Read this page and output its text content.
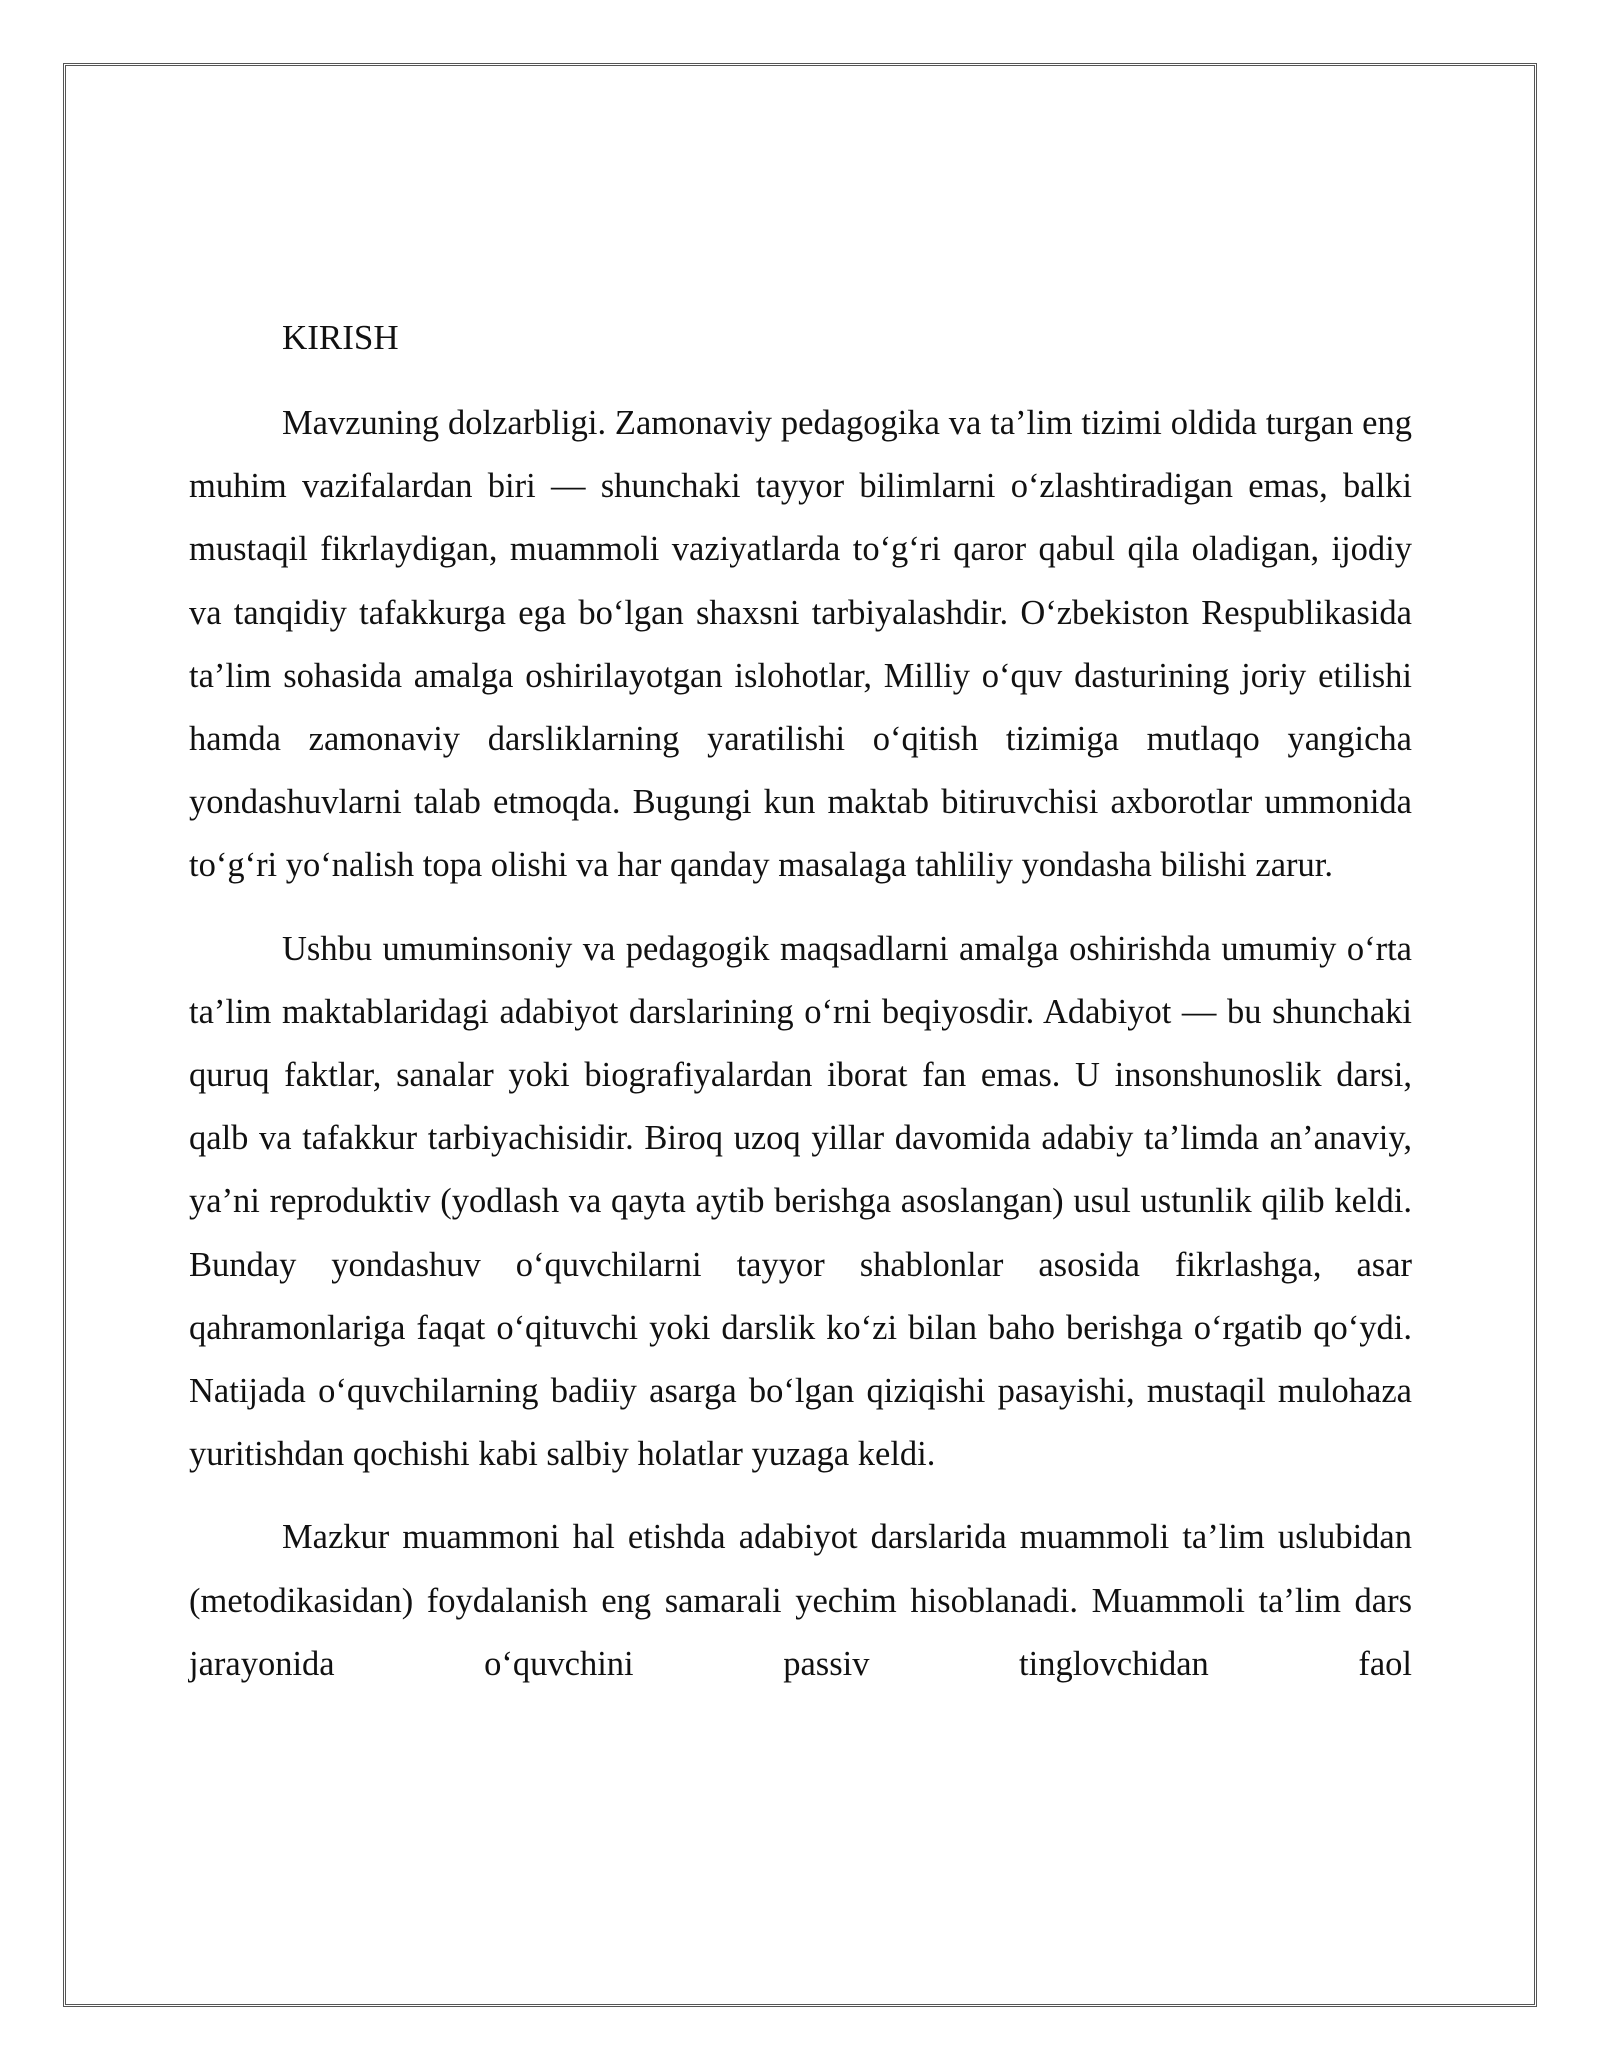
KIRISH

Mavzuning dolzarbligi. Zamonaviy pedagogika va ta’lim tizimi oldida turgan eng muhim vazifalardan biri — shunchaki tayyor bilimlarni o‘zlashtiradigan emas, balki mustaqil fikrlaydigan, muammoli vaziyatlarda to‘g‘ri qaror qabul qila oladigan, ijodiy va tanqidiy tafakkurga ega bo‘lgan shaxsni tarbiyalashdir. O‘zbekiston Respublikasida ta’lim sohasida amalga oshirilayotgan islohotlar, Milliy o‘quv dasturining joriy etilishi hamda zamonaviy darsliklarning yaratilishi o‘qitish tizimiga mutlaqo yangicha yondashuvlarni talab etmoqda. Bugungi kun maktab bitiruvchisi axborotlar ummonida to‘g‘ri yo‘nalish topa olishi va har qanday masalaga tahliliy yondasha bilishi zarur.

Ushbu umuminsoniy va pedagogik maqsadlarni amalga oshirishda umumiy o‘rta ta’lim maktablaridagi adabiyot darslarining o‘rni beqiyosdir. Adabiyot — bu shunchaki quruq faktlar, sanalar yoki biografiyalardan iborat fan emas. U insonshunoslik darsi, qalb va tafakkur tarbiyachisidir. Biroq uzoq yillar davomida adabiy ta’limda an’anaviy, ya’ni reproduktiv (yodlash va qayta aytib berishga asoslangan) usul ustunlik qilib keldi. Bunday yondashuv o‘quvchilarni tayyor shablonlar asosida fikrlashga, asar qahramonlariga faqat o‘qituvchi yoki darslik ko‘zi bilan baho berishga o‘rgatib qo‘ydi. Natijada o‘quvchilarning badiiy asarga bo‘lgan qiziqishi pasayishi, mustaqil mulohaza yuritishdan qochishi kabi salbiy holatlar yuzaga keldi.

Mazkur muammoni hal etishda adabiyot darslarida muammoli ta’lim uslubidan (metodikasidan) foydalanish eng samarali yechim hisoblanadi. Muammoli ta’lim dars jarayonida o‘quvchini passiv tinglovchidan faol
